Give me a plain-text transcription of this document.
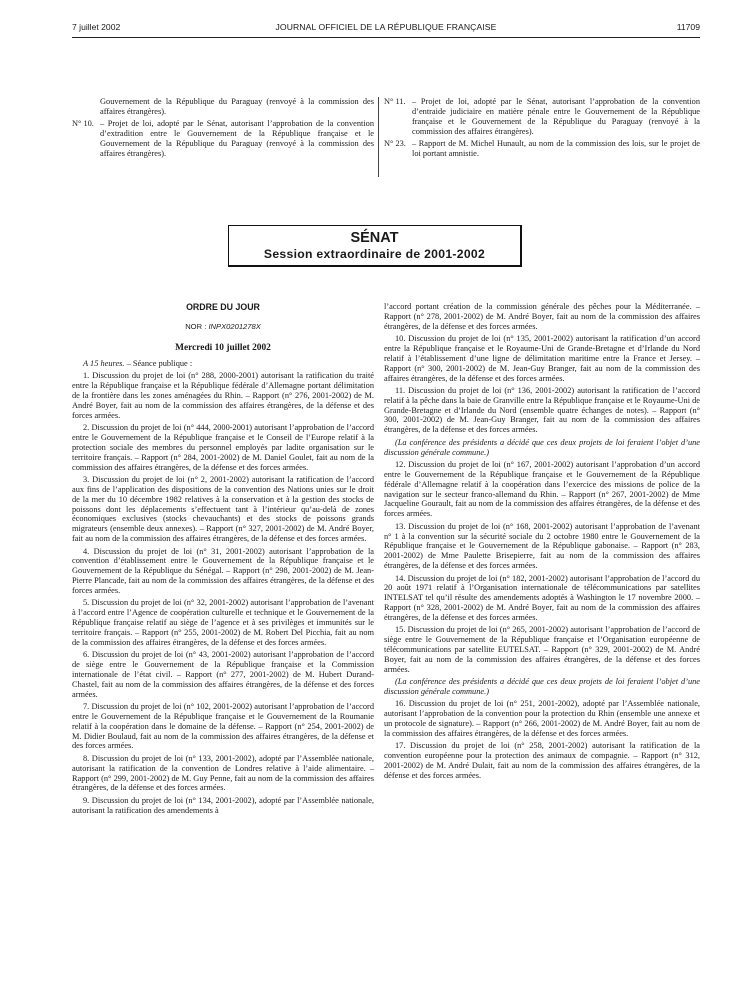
7 juillet 2002	JOURNAL OFFICIEL DE LA RÉPUBLIQUE FRANÇAISE	11709

Gouvernement de la République du Paraguay (renvoyé à la commission des affaires étrangères).

N° 10. – Projet de loi, adopté par le Sénat, autorisant l’approbation de la convention d’extradition entre le Gouvernement de la République française et le Gouvernement de la République du Paraguay (renvoyé à la commission des affaires étrangères).

N° 11. – Projet de loi, adopté par le Sénat, autorisant l’approbation de la convention d’entraide judiciaire en matière pénale entre le Gouvernement de la République française et le Gouvernement de la République du Paraguay (renvoyé à la commission des affaires étrangères).

N° 23. – Rapport de M. Michel Hunault, au nom de la commission des lois, sur le projet de loi portant amnistie.

SÉNAT
Session extraordinaire de 2001-2002
ORDRE DU JOUR
NOR : INPX0201278X
Mercredi 10 juillet 2002

A 15 heures. – Séance publique :

1. Discussion du projet de loi (n° 288, 2000-2001) autorisant la ratification du traité entre la République française et la République fédérale d’Allemagne portant délimitation de la frontière dans les zones aménagées du Rhin. – Rapport (n° 276, 2001-2002) de M. André Boyer, fait au nom de la commission des affaires étrangères, de la défense et des forces armées.

2. Discussion du projet de loi (n° 444, 2000-2001) autorisant l’approbation de l’accord entre le Gouvernement de la République française et le Conseil de l’Europe relatif à la protection sociale des membres du personnel employés par ladite organisation sur le territoire français. – Rapport (n° 284, 2001-2002) de M. Daniel Goulet, fait au nom de la commission des affaires étrangères, de la défense et des forces armées.

3. Discussion du projet de loi (n° 2, 2001-2002) autorisant la ratification de l’accord aux fins de l’application des dispositions de la convention des Nations unies sur le droit de la mer du 10 décembre 1982 relatives à la conservation et à la gestion des stocks de poissons dont les déplacements s’effectuent tant à l’intérieur qu’au-delà de zones économiques exclusives (stocks chevauchants) et des stocks de poissons grands migrateurs (ensemble deux annexes). – Rapport (n° 327, 2001-2002) de M. André Boyer, fait au nom de la commission des affaires étrangères, de la défense et des forces armées.

4. Discussion du projet de loi (n° 31, 2001-2002) autorisant l’approbation de la convention d’établissement entre le Gouvernement de la République française et le Gouvernement de la République du Sénégal. – Rapport (n° 298, 2001-2002) de M. Jean-Pierre Plancade, fait au nom de la commission des affaires étrangères, de la défense et des forces armées.

5. Discussion du projet de loi (n° 32, 2001-2002) autorisant l’approbation de l’avenant à l’accord entre l’Agence de coopération culturelle et technique et le Gouvernement de la République française relatif au siège de l’agence et à ses privilèges et immunités sur le territoire français. – Rapport (n° 255, 2001-2002) de M. Robert Del Picchia, fait au nom de la commission des affaires étrangères, de la défense et des forces armées.

6. Discussion du projet de loi (n° 43, 2001-2002) autorisant l’approbation de l’accord de siège entre le Gouvernement de la République française et la Commission internationale de l’état civil. – Rapport (n° 277, 2001-2002) de M. Hubert Durand-Chastel, fait au nom de la commission des affaires étrangères, de la défense et des forces armées.

7. Discussion du projet de loi (n° 102, 2001-2002) autorisant l’approbation de l’accord entre le Gouvernement de la République française et le Gouvernement de la Roumanie relatif à la coopération dans le domaine de la défense. – Rapport (n° 254, 2001-2002) de M. Didier Boulaud, fait au nom de la commission des affaires étrangères, de la défense et des forces armées.

8. Discussion du projet de loi (n° 133, 2001-2002), adopté par l’Assemblée nationale, autorisant la ratification de la convention de Londres relative à l’aide alimentaire. – Rapport (n° 299, 2001-2002) de M. Guy Penne, fait au nom de la commission des affaires étrangères, de la défense et des forces armées.

9. Discussion du projet de loi (n° 134, 2001-2002), adopté par l’Assemblée nationale, autorisant la ratification des amendements à

l’accord portant création de la commission générale des pêches pour la Méditerranée. – Rapport (n° 278, 2001-2002) de M. André Boyer, fait au nom de la commission des affaires étrangères, de la défense et des forces armées.

10. Discussion du projet de loi (n° 135, 2001-2002) autorisant la ratification d’un accord entre la République française et le Royaume-Uni de Grande-Bretagne et d’Irlande du Nord relatif à l’établissement d’une ligne de délimitation maritime entre la France et Jersey. – Rapport (n° 300, 2001-2002) de M. Jean-Guy Branger, fait au nom de la commission des affaires étrangères, de la défense et des forces armées.

11. Discussion du projet de loi (n° 136, 2001-2002) autorisant la ratification de l’accord relatif à la pêche dans la baie de Granville entre la République française et le Royaume-Uni de Grande-Bretagne et d’Irlande du Nord (ensemble quatre échanges de notes). – Rapport (n° 300, 2001-2002) de M. Jean-Guy Branger, fait au nom de la commission des affaires étrangères, de la défense et des forces armées.

(La conférence des présidents a décidé que ces deux projets de loi feraient l’objet d’une discussion générale commune.)

12. Discussion du projet de loi (n° 167, 2001-2002) autorisant l’approbation d’un accord entre le Gouvernement de la République française et le Gouvernement de la République fédérale d’Allemagne relatif à la coopération dans l’exercice des missions de police de la navigation sur le secteur franco-allemand du Rhin. – Rapport (n° 267, 2001-2002) de Mme Jacqueline Gourault, fait au nom de la commission des affaires étrangères, de la défense et des forces armées.

13. Discussion du projet de loi (n° 168, 2001-2002) autorisant l’approbation de l’avenant n° 1 à la convention sur la sécurité sociale du 2 octobre 1980 entre le Gouvernement de la République française et le Gouvernement de la République gabonaise. – Rapport (n° 283, 2001-2002) de Mme Paulette Brisepierre, fait au nom de la commission des affaires étrangères, de la défense et des forces armées.

14. Discussion du projet de loi (n° 182, 2001-2002) autorisant l’approbation de l’accord du 20 août 1971 relatif à l’Organisation internationale de télécommunications par satellites INTELSAT tel qu’il résulte des amendements adoptés à Washington le 17 novembre 2000. – Rapport (n° 328, 2001-2002) de M. André Boyer, fait au nom de la commission des affaires étrangères, de la défense et des forces armées.

15. Discussion du projet de loi (n° 265, 2001-2002) autorisant l’approbation de l’accord de siège entre le Gouvernement de la République française et l’Organisation européenne de télécommunications par satellite EUTELSAT. – Rapport (n° 329, 2001-2002) de M. André Boyer, fait au nom de la commission des affaires étrangères, de la défense et des forces armées.

(La conférence des présidents a décidé que ces deux projets de loi feraient l’objet d’une discussion générale commune.)

16. Discussion du projet de loi (n° 251, 2001-2002), adopté par l’Assemblée nationale, autorisant l’approbation de la convention pour la protection du Rhin (ensemble une annexe et un protocole de signature). – Rapport (n° 266, 2001-2002) de M. André Boyer, fait au nom de la commission des affaires étrangères, de la défense et des forces armées.

17. Discussion du projet de loi (n° 258, 2001-2002) autorisant la ratification de la convention européenne pour la protection des animaux de compagnie. – Rapport (n° 312, 2001-2002) de M. André Dulait, fait au nom de la commission des affaires étrangères, de la défense et des forces armées.
